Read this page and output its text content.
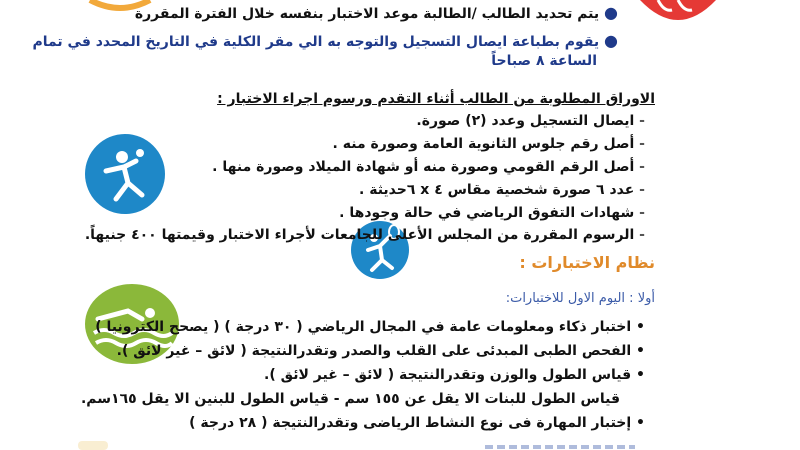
● يتم تحديد الطالب /الطالبة موعد الاختبار بنفسه خلال الفترة المقررة
● يقوم بطباعة ايصال التسجيل والتوجه به الي مقر الكلية في التاريخ المحدد في تمام
الساعة ٨ صباحاً
الاوراق المطلوبة من الطالب أثناء التقدم ورسوم اجراء الاختبار :
- ايصال التسجيل وعدد (٢) صورة.
- أصل رقم جلوس الثانوية العامة وصورة منه .
- أصل الرقم القومي وصورة منه أو شهادة الميلاد وصورة منها .
- عدد ٦ صورة شخصية مقاس ٤ x ٦حديثة .
- شهادات التفوق الرياضي في حالة وجودها .
- الرسوم المقررة من المجلس الأعلى للجامعات لأجراء الاختبار وقيمتها ٤٠٠ جنيهاً.
نظام الاختبارات :
أولا : اليوم الاول للاختبارات:
• اختبار ذكاء ومعلومات عامة في المجال الرياضي ( ٣٠ درجة ) ( يصحح الكترونيا )
• الفحص الطبى المبدئى على القلب والصدر وتقدرالنتيجة ( لائق – غير لائق ).
• قياس الطول والوزن وتقدرالنتيجة ( لائق – غير لائق ).
قياس الطول للبنات الا يقل عن ١٥٥ سم - قياس الطول للبنين الا يقل ١٦٥سم.
• إختبار المهارة فى نوع النشاط الرياضى وتقدرالنتيجة ( ٢٨ درجة )
